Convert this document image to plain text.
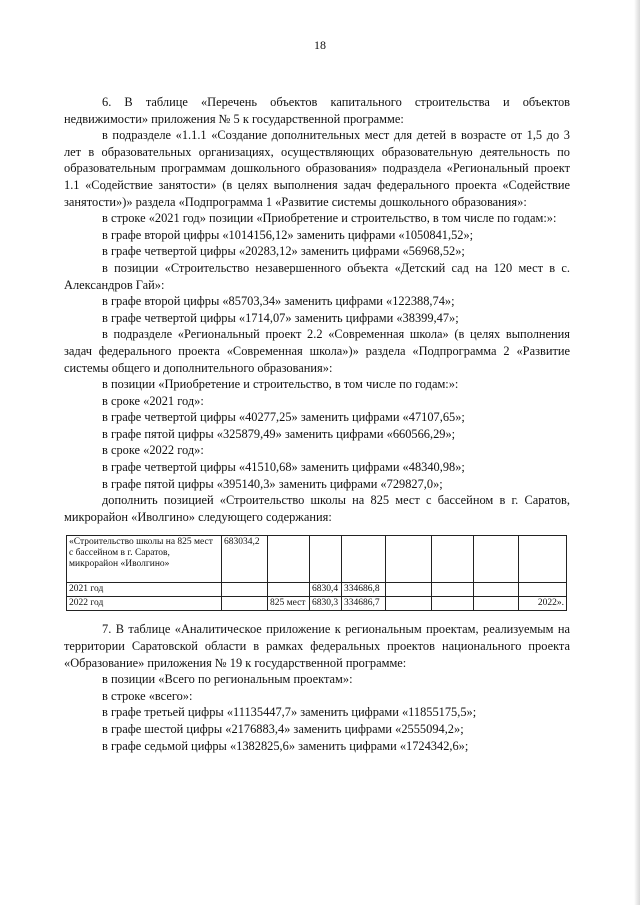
18

6. В таблице «Перечень объектов капитального строительства и объектов недвижимости» приложения № 5 к государственной программе:

в подразделе «1.1.1 «Создание дополнительных мест для детей в возрасте от 1,5 до 3 лет в образовательных организациях, осуществляющих образовательную деятельность по образовательным программам дошкольного образования» подраздела «Региональный проект 1.1 «Содействие занятости» (в целях выполнения задач федерального проекта «Содействие занятости»)» раздела «Подпрограмма 1 «Развитие системы дошкольного образования»:

в строке «2021 год» позиции «Приобретение и строительство, в том числе по годам:»:

в графе второй цифры «1014156,12» заменить цифрами «1050841,52»;

в графе четвертой цифры «20283,12» заменить цифрами «56968,52»;

в позиции «Строительство незавершенного объекта «Детский сад на 120 мест в с. Александров Гай»:

в графе второй цифры «85703,34» заменить цифрами «122388,74»;

в графе четвертой цифры «1714,07» заменить цифрами «38399,47»;

в подразделе «Региональный проект 2.2 «Современная школа» (в целях выполнения задач федерального проекта «Современная школа»)» раздела «Подпрограмма 2 «Развитие системы общего и дополнительного образования»:

в позиции «Приобретение и строительство, в том числе по годам:»:

в сроке «2021 год»:

в графе четвертой цифры «40277,25» заменить цифрами «47107,65»;

в графе пятой цифры «325879,49» заменить цифрами «660566,29»;

в сроке «2022 год»:

в графе четвертой цифры «41510,68» заменить цифрами «48340,98»;

в графе пятой цифры «395140,3» заменить цифрами «729827,0»;

дополнить позицией «Строительство школы на 825 мест с бассейном в г. Саратов, микрорайон «Иволгино» следующего содержания:

«Строительство школы на 825 мест с бассейном в г. Саратов, микрорайон «Иволгино»	683034,2							
2021 год			6830,4	334686,8				
2022 год		825 мест	6830,3	334686,7				2022».

7. В таблице «Аналитическое приложение к региональным проектам, реализуемым на территории Саратовской области в рамках федеральных проектов национального проекта «Образование» приложения № 19 к государственной программе:

в позиции «Всего по региональным проектам»:

в строке «всего»:

в графе третьей цифры «11135447,7» заменить цифрами «11855175,5»;

в графе шестой цифры «2176883,4» заменить цифрами «2555094,2»;

в графе седьмой цифры «1382825,6» заменить цифрами «1724342,6»;
